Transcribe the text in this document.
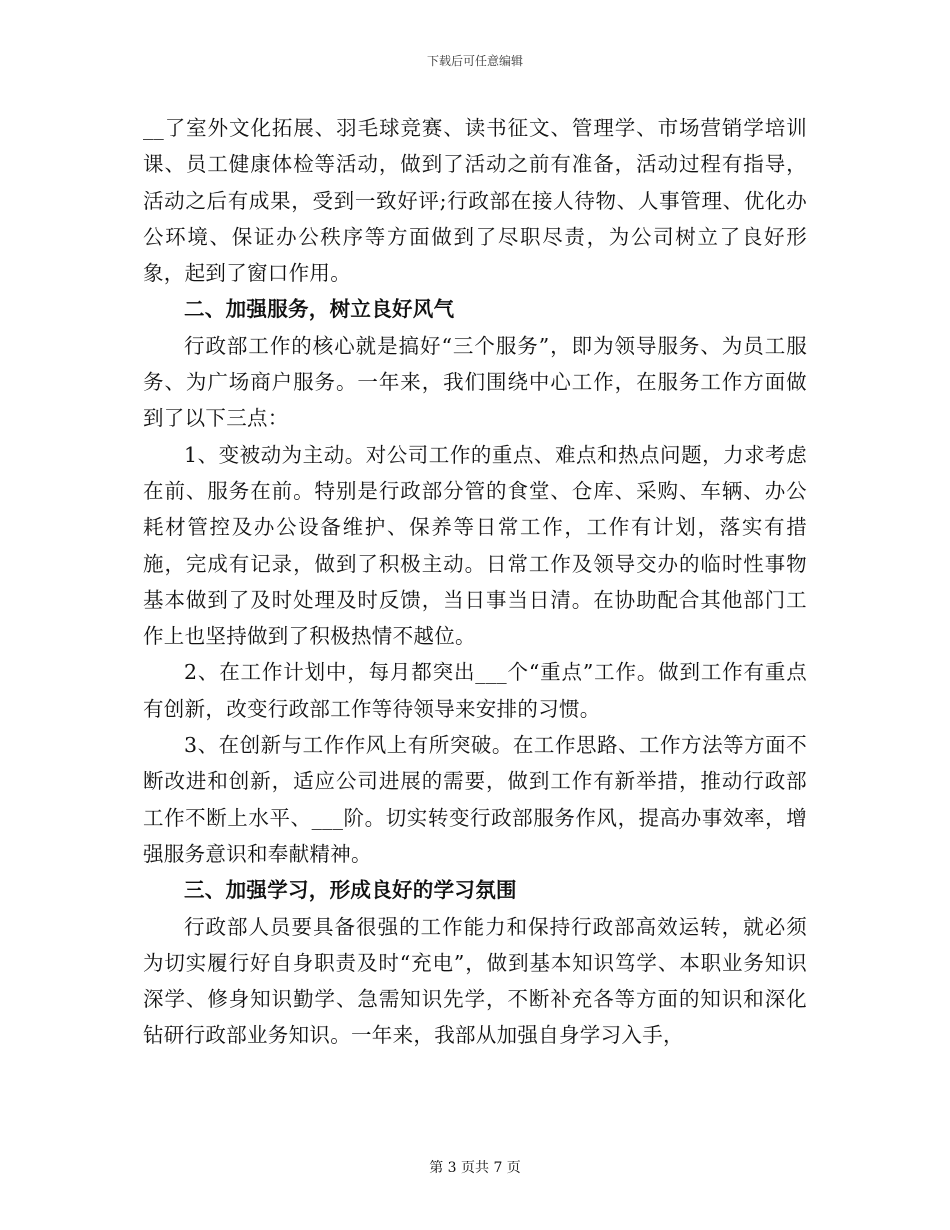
下载后可任意编辑

__了室外文化拓展、羽毛球竞赛、读书征文、管理学、市场营销学培训课、员工健康体检等活动，做到了活动之前有准备，活动过程有指导，活动之后有成果，受到一致好评;行政部在接人待物、人事管理、优化办公环境、保证办公秩序等方面做到了尽职尽责，为公司树立了良好形象，起到了窗口作用。

二、加强服务，树立良好风气

行政部工作的核心就是搞好“三个服务”，即为领导服务、为员工服务、为广场商户服务。一年来，我们围绕中心工作，在服务工作方面做到了以下三点：

1、变被动为主动。对公司工作的重点、难点和热点问题，力求考虑在前、服务在前。特别是行政部分管的食堂、仓库、采购、车辆、办公耗材管控及办公设备维护、保养等日常工作，工作有计划，落实有措施，完成有记录，做到了积极主动。日常工作及领导交办的临时性事物基本做到了及时处理及时反馈，当日事当日清。在协助配合其他部门工作上也坚持做到了积极热情不越位。

2、在工作计划中，每月都突出___个“重点”工作。做到工作有重点有创新，改变行政部工作等待领导来安排的习惯。

3、在创新与工作作风上有所突破。在工作思路、工作方法等方面不断改进和创新，适应公司进展的需要，做到工作有新举措，推动行政部工作不断上水平、___阶。切实转变行政部服务作风，提高办事效率，增强服务意识和奉献精神。

三、加强学习，形成良好的学习氛围

行政部人员要具备很强的工作能力和保持行政部高效运转，就必须为切实履行好自身职责及时“充电”，做到基本知识笃学、本职业务知识深学、修身知识勤学、急需知识先学，不断补充各等方面的知识和深化钻研行政部业务知识。一年来，我部从加强自身学习入手，

第 3 页共 7 页
